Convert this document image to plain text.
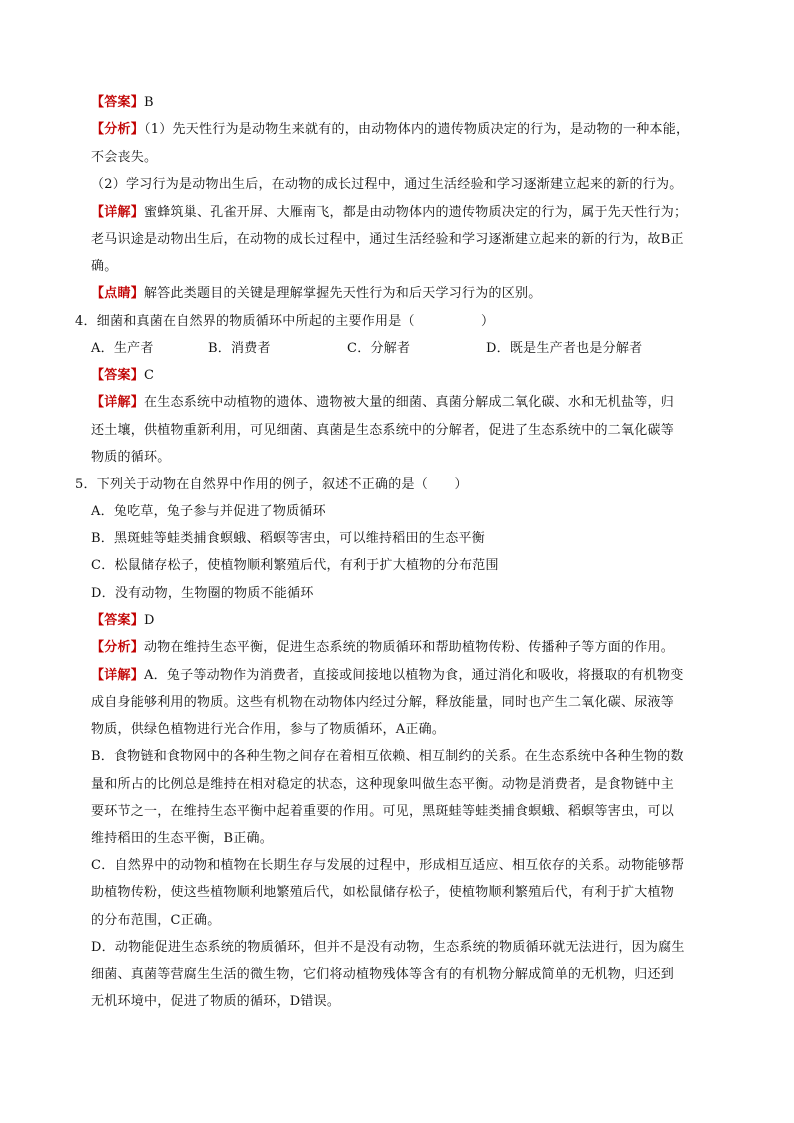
【答案】B
【分析】（1）先天性行为是动物生来就有的，由动物体内的遗传物质决定的行为，是动物的一种本能，
不会丧失。
（2）学习行为是动物出生后，在动物的成长过程中，通过生活经验和学习逐渐建立起来的新的行为。
【详解】蜜蜂筑巢、孔雀开屏、大雁南飞，都是由动物体内的遗传物质决定的行为，属于先天性行为；
老马识途是动物出生后，在动物的成长过程中，通过生活经验和学习逐渐建立起来的新的行为，故B正
确。
【点睛】解答此类题目的关键是理解掌握先天性行为和后天学习行为的区别。
4．细菌和真菌在自然界的物质循环中所起的主要作用是（　　　　　）
A．生产者	B．消费者	C．分解者	D．既是生产者也是分解者
【答案】C
【详解】在生态系统中动植物的遗体、遗物被大量的细菌、真菌分解成二氧化碳、水和无机盐等，归
还土壤，供植物重新利用，可见细菌、真菌是生态系统中的分解者，促进了生态系统中的二氧化碳等
物质的循环。
5．下列关于动物在自然界中作用的例子，叙述不正确的是（　　）
A．兔吃草，兔子参与并促进了物质循环
B．黑斑蛙等蛙类捕食螟蛾、稻螟等害虫，可以维持稻田的生态平衡
C．松鼠储存松子，使植物顺利繁殖后代，有利于扩大植物的分布范围
D．没有动物，生物圈的物质不能循环
【答案】D
【分析】动物在维持生态平衡，促进生态系统的物质循环和帮助植物传粉、传播种子等方面的作用。
【详解】A．兔子等动物作为消费者，直接或间接地以植物为食，通过消化和吸收，将摄取的有机物变
成自身能够利用的物质。这些有机物在动物体内经过分解，释放能量，同时也产生二氧化碳、尿液等
物质，供绿色植物进行光合作用，参与了物质循环，A正确。
B．食物链和食物网中的各种生物之间存在着相互依赖、相互制约的关系。在生态系统中各种生物的数
量和所占的比例总是维持在相对稳定的状态，这种现象叫做生态平衡。动物是消费者，是食物链中主
要环节之一，在维持生态平衡中起着重要的作用。可见，黑斑蛙等蛙类捕食螟蛾、稻螟等害虫，可以
维持稻田的生态平衡，B正确。
C．自然界中的动物和植物在长期生存与发展的过程中，形成相互适应、相互依存的关系。动物能够帮
助植物传粉，使这些植物顺利地繁殖后代，如松鼠储存松子，使植物顺利繁殖后代，有利于扩大植物
的分布范围，C正确。
D．动物能促进生态系统的物质循环，但并不是没有动物，生态系统的物质循环就无法进行，因为腐生
细菌、真菌等营腐生生活的微生物，它们将动植物残体等含有的有机物分解成简单的无机物，归还到
无机环境中，促进了物质的循环，D错误。
